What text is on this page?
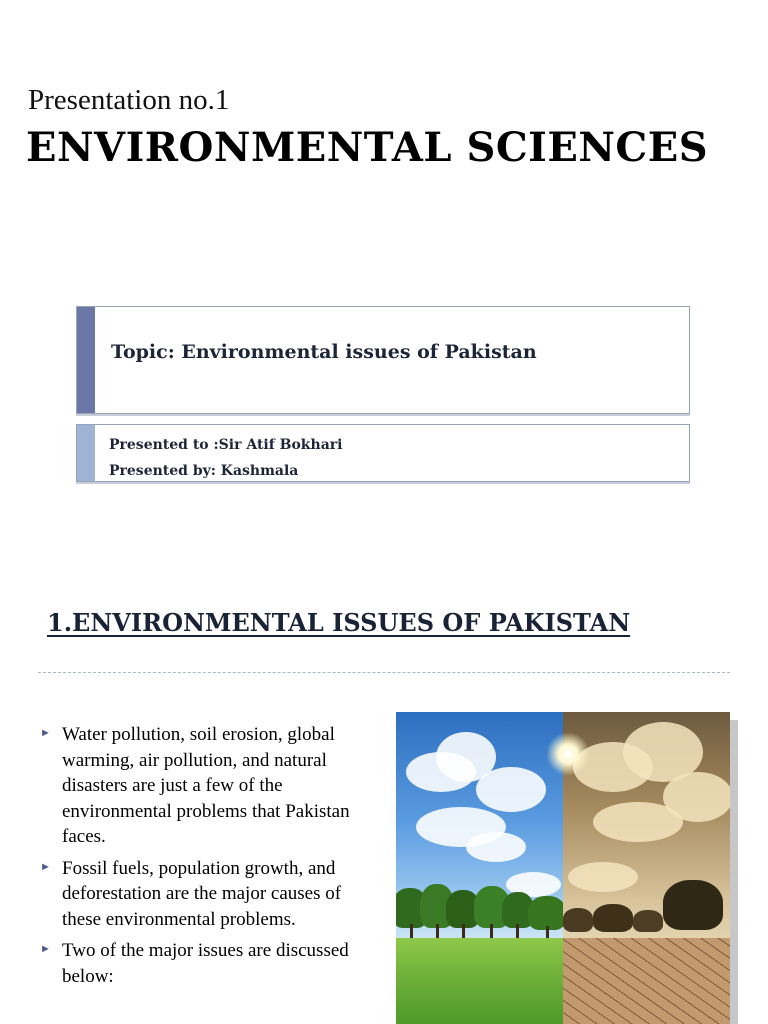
Presentation no.1
ENVIRONMENTAL SCIENCES
Topic: Environmental issues of Pakistan
Presented to :Sir Atif Bokhari
Presented by: Kashmala
1.ENVIRONMENTAL ISSUES OF PAKISTAN
► Water pollution, soil erosion, global warming, air pollution, and natural disasters are just a few of the environmental problems that Pakistan faces.
► Fossil fuels, population growth, and deforestation are the major causes of these environmental problems.
► Two of the major issues are discussed below:
